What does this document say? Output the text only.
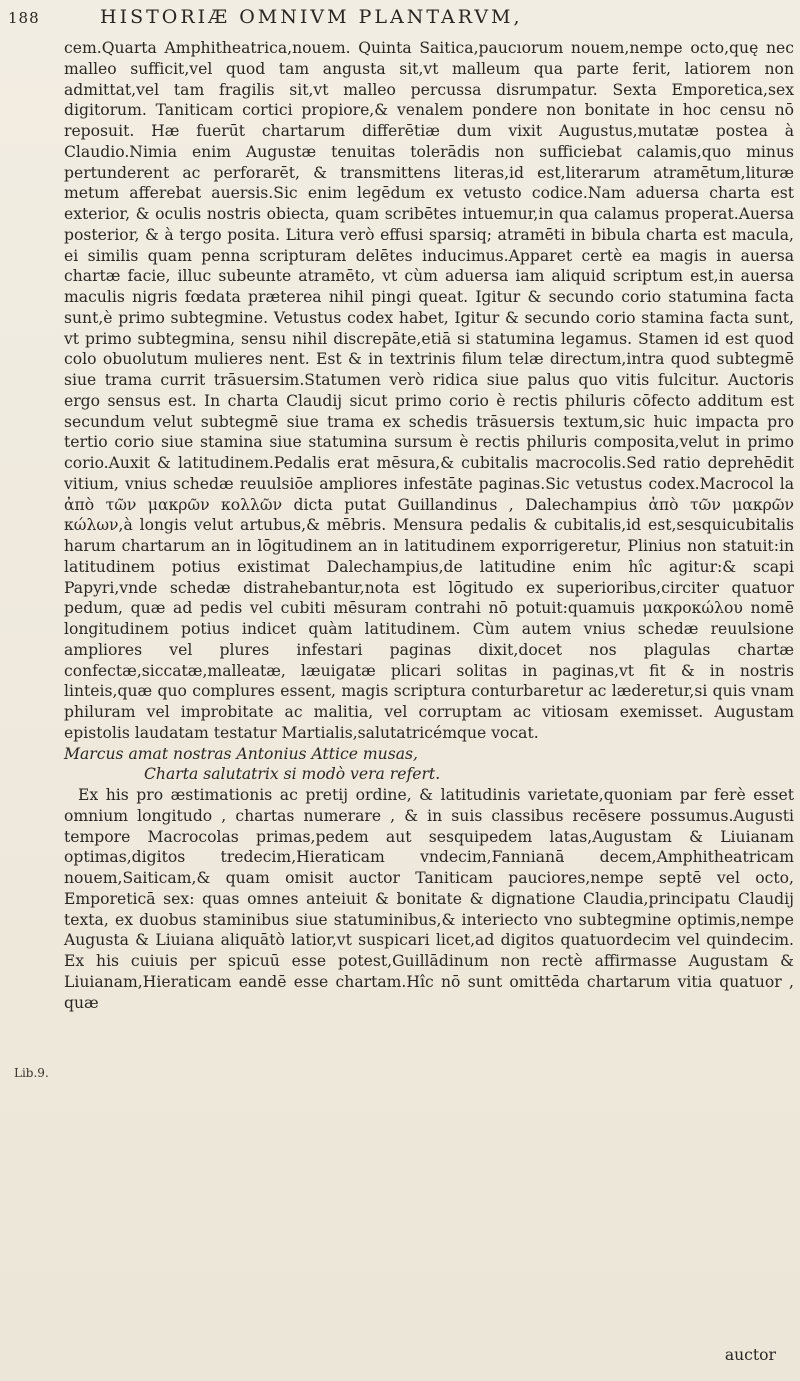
188	HISTORIÆ OMNIVM PLANTARVM,
Lib.9.

cem.Quarta Amphitheatrica,nouem. Quinta Saitica,paucıorum nouem,nempe octo,quę nec malleo sufficit,vel quod tam angusta sit,vt malleum qua parte ferit, latiorem non admittat,vel tam fragilis sit,vt malleo percussa disrumpatur. Sexta Emporetica,sex digitorum. Taniticam cortici propiore,& venalem pondere non bonitate in hoc censu nō reposuit. Hæ fuerūt chartarum differētiæ dum vixit Augustus,mutatæ postea à Claudio.Nimia enim Augustæ tenuitas tolerādis non sufficiebat calamis,quo minus pertunderent ac perforarēt, & transmittens literas,id est,literarum atramētum,lituræ metum afferebat auersis.Sic enim legēdum ex vetusto codice.Nam aduersa charta est exterior, & oculis nostris obiecta, quam scribētes intuemur,in qua calamus properat.Auersa posterior, & à tergo posita. Litura verò effusi sparsiq; atramēti in bibula charta est macula, ei similis quam penna scripturam delētes inducimus.Apparet certè ea magis in auersa chartæ facie, illuc subeunte atramēto, vt cùm aduersa iam aliquid scriptum est,in auersa maculis nigris fœdata præterea nihil pingi queat. Igitur & secundo corio statumina facta sunt,è primo subtegmine. Vetustus codex habet, Igitur & secundo corio stamina facta sunt, vt primo subtegmina, sensu nihil discrepāte,etiā si statumina legamus. Stamen id est quod colo obuolutum mulieres nent. Est & in textrinis filum telæ directum,intra quod subtegmē siue trama currit trāsuersim.Statumen verò ridica siue palus quo vitis fulcitur. Auctoris ergo sensus est. In charta Claudij sicut primo corio è rectis philuris cōfecto additum est secundum velut subtegmē siue trama ex schedis trāsuersis textum,sic huic impacta pro tertio corio siue stamina siue statumina sursum è rectis philuris composita,velut in primo corio.Auxit & latitudinem.Pedalis erat mēsura,& cubitalis macrocolis.Sed ratio deprehēdit vitium, vnius schedæ reuulsiōe ampliores infestāte paginas.Sic vetustus codex.Macrocol la ἀπὸ τῶν μακρῶν κολλῶν dicta putat Guillandinus , Dalechampius ἀπὸ τῶν μακρῶν κώλων,à longis velut artubus,& mēbris. Mensura pedalis & cubitalis,id est,sesquicubitalis harum chartarum an in lōgitudinem an in latitudinem exporrigeretur, Plinius non statuit:in latitudinem potius existimat Dalechampius,de latitudine enim hîc agitur:& scapi Papyri,vnde schedæ distrahebantur,nota est lōgitudo ex superioribus,circiter quatuor pedum, quæ ad pedis vel cubiti mēsuram contrahi nō potuit:quamuis μακροκώλου nomē longitudinem potius indicet quàm latitudinem. Cùm autem vnius schedæ reuulsione ampliores vel plures infestari paginas dixit,docet nos plagulas chartæ confectæ,siccatæ,malleatæ, læuigatæ plicari solitas in paginas,vt fit & in nostris linteis,quæ quo complures essent, magis scriptura conturbaretur ac læderetur,si quis vnam philuram vel improbitate ac malitia, vel corruptam ac vitiosam exemisset. Augustam epistolis laudatam testatur Martialis,salutatricémque vocat.

Marcus amat nostras Antonius Attice musas,

Charta salutatrix si modò vera refert.

Ex his pro æstimationis ac pretij ordine, & latitudinis varietate,quoniam par ferè esset omnium longitudo , chartas numerare , & in suis classibus recēsere possumus.Augusti tempore Macrocolas primas,pedem aut sesquipedem latas,Augustam & Liuianam optimas,digitos tredecim,Hieraticam vndecim,Fannianā decem,Amphitheatricam nouem,Saiticam,& quam omisit auctor Taniticam pauciores,nempe septē vel octo, Emporeticā sex: quas omnes anteiuit & bonitate & dignatione Claudia,principatu Claudij texta, ex duobus staminibus siue statuminibus,& interiecto vno subtegmine optimis,nempe Augusta & Liuiana aliquātò latior,vt suspicari licet,ad digitos quatuordecim vel quindecim. Ex his cuiuis per spicuū esse potest,Guillādinum non rectè affirmasse Augustam & Liuianam,Hieraticam eandē esse chartam.Hîc nō sunt omittēda chartarum vitia quatuor , quæ

auctor
